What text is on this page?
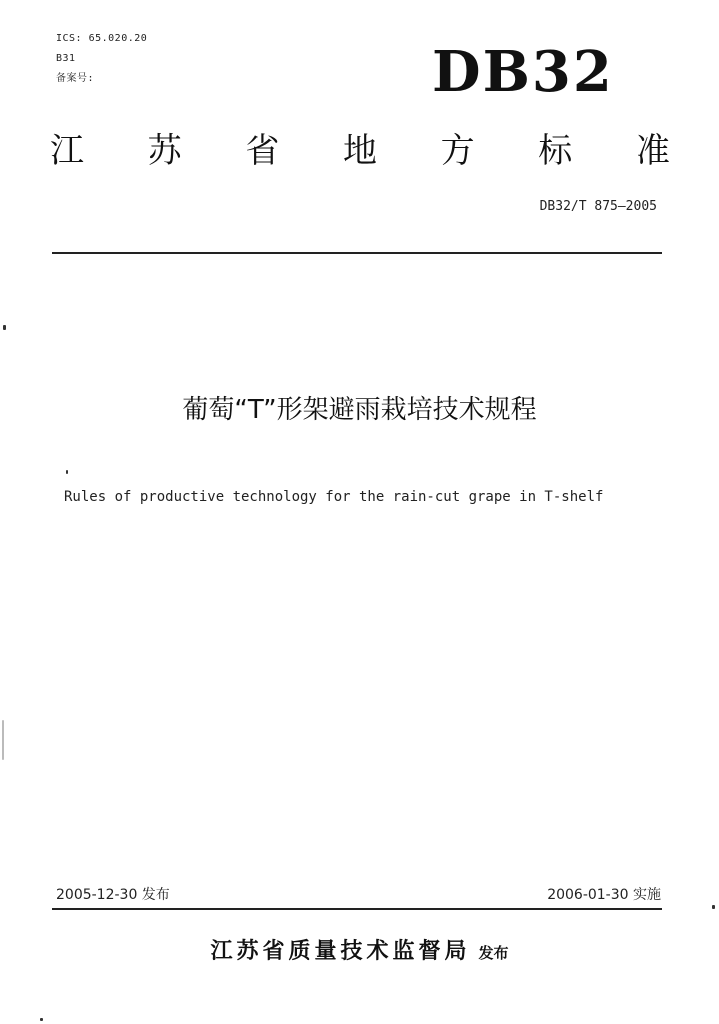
ICS: 65.020.20
B31
备案号:	DB32
江 苏 省 地 方 标 准
DB32/T 875—2005
葡萄“T”形架避雨栽培技术规程
Rules of productive technology for the rain-cut grape in T-shelf
2005-12-30 发布	2006-01-30 实施
江苏省质量技术监督局 发布
